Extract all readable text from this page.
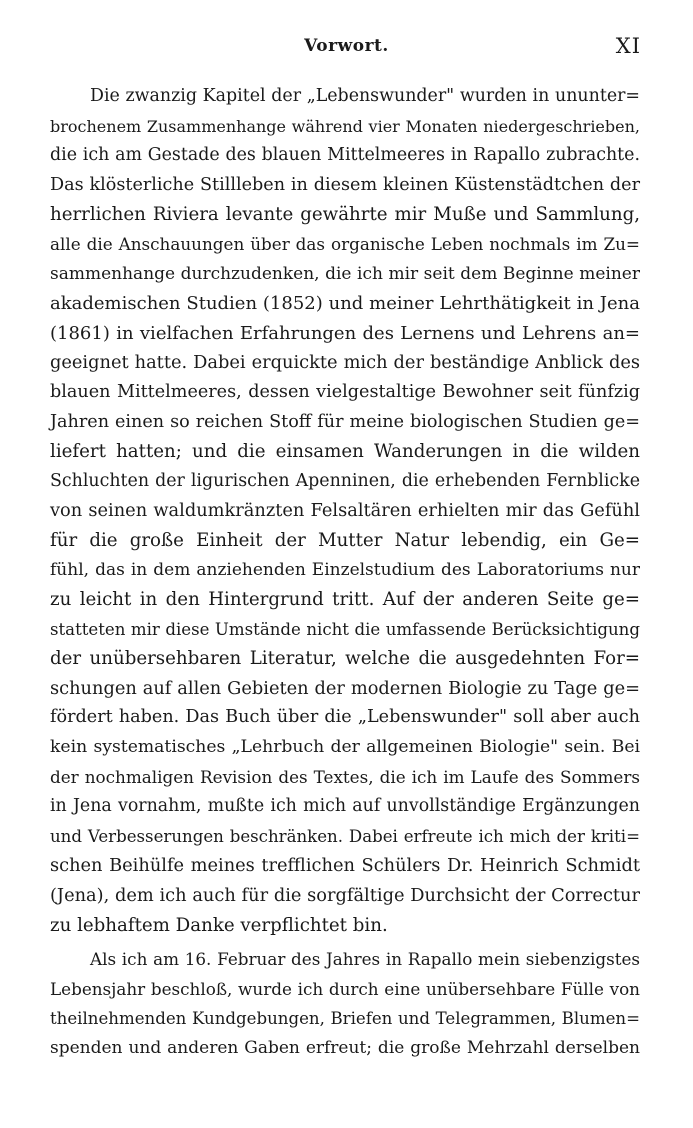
Vorwort.	XI
Die zwanzig Kapitel der „Lebenswunder" wurden in ununter=
brochenem Zusammenhange während vier Monaten niedergeschrieben,
die ich am Gestade des blauen Mittelmeeres in Rapallo zubrachte.
Das klösterliche Stillleben in diesem kleinen Küstenstädtchen der
herrlichen Riviera levante gewährte mir Muße und Sammlung,
alle die Anschauungen über das organische Leben nochmals im Zu=
sammenhange durchzudenken, die ich mir seit dem Beginne meiner
akademischen Studien (1852) und meiner Lehrthätigkeit in Jena
(1861) in vielfachen Erfahrungen des Lernens und Lehrens an=
geeignet hatte. Dabei erquickte mich der beständige Anblick des
blauen Mittelmeeres, dessen vielgestaltige Bewohner seit fünfzig
Jahren einen so reichen Stoff für meine biologischen Studien ge=
liefert hatten; und die einsamen Wanderungen in die wilden
Schluchten der ligurischen Apenninen, die erhebenden Fernblicke
von seinen waldumkränzten Felsaltären erhielten mir das Gefühl
für die große Einheit der Mutter Natur lebendig, ein Ge=
fühl, das in dem anziehenden Einzelstudium des Laboratoriums nur
zu leicht in den Hintergrund tritt. Auf der anderen Seite ge=
statteten mir diese Umstände nicht die umfassende Berücksichtigung
der unübersehbaren Literatur, welche die ausgedehnten For=
schungen auf allen Gebieten der modernen Biologie zu Tage ge=
fördert haben. Das Buch über die „Lebenswunder" soll aber auch
kein systematisches „Lehrbuch der allgemeinen Biologie" sein. Bei
der nochmaligen Revision des Textes, die ich im Laufe des Sommers
in Jena vornahm, mußte ich mich auf unvollständige Ergänzungen
und Verbesserungen beschränken. Dabei erfreute ich mich der kriti=
schen Beihülfe meines trefflichen Schülers Dr. Heinrich Schmidt
(Jena), dem ich auch für die sorgfältige Durchsicht der Correctur
zu lebhaftem Danke verpflichtet bin.
Als ich am 16. Februar des Jahres in Rapallo mein siebenzigstes
Lebensjahr beschloß, wurde ich durch eine unübersehbare Fülle von
theilnehmenden Kundgebungen, Briefen und Telegrammen, Blumen=
spenden und anderen Gaben erfreut; die große Mehrzahl derselben
